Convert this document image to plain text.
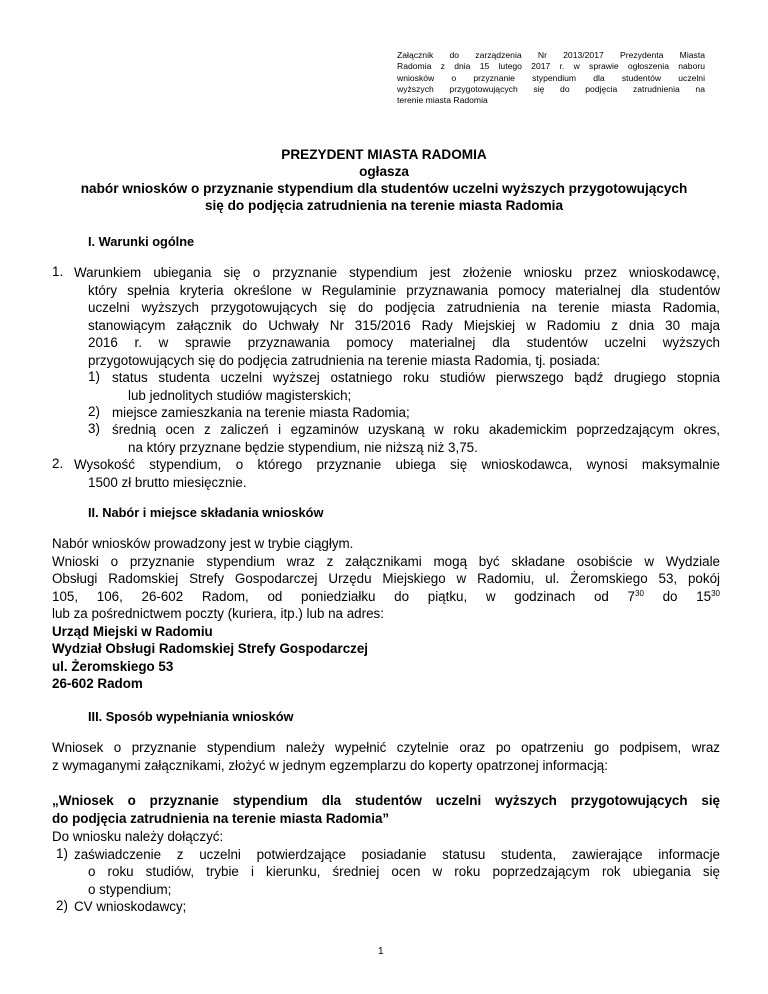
Załącznik do zarządzenia Nr 2013/2017 Prezydenta Miasta
Radomia z dnia 15 lutego 2017 r. w sprawie ogłoszenia naboru
wniosków o przyznanie stypendium dla studentów uczelni
wyższych przygotowujących się do podjęcia zatrudnienia na
terenie miasta Radomia
PREZYDENT MIASTA RADOMIA
ogłasza
nabór wniosków o przyznanie stypendium dla studentów uczelni wyższych przygotowujących
się do podjęcia zatrudnienia na terenie miasta Radomia
I. Warunki ogólne
1. Warunkiem ubiegania się o przyznanie stypendium jest złożenie wniosku przez wnioskodawcę,
który spełnia kryteria określone w Regulaminie przyznawania pomocy materialnej dla studentów
uczelni wyższych przygotowujących się do podjęcia zatrudnienia na terenie miasta Radomia,
stanowiącym załącznik do Uchwały Nr 315/2016 Rady Miejskiej w Radomiu z dnia 30 maja
2016 r. w sprawie przyznawania pomocy materialnej dla studentów uczelni wyższych
przygotowujących się do podjęcia zatrudnienia na terenie miasta Radomia, tj. posiada:
1) status studenta uczelni wyższej ostatniego roku studiów pierwszego bądź drugiego stopnia
lub jednolitych studiów magisterskich;
2) miejsce zamieszkania na terenie miasta Radomia;
3) średnią ocen z zaliczeń i egzaminów uzyskaną w roku akademickim poprzedzającym okres,
na który przyznane będzie stypendium, nie niższą niż 3,75.
2. Wysokość stypendium, o którego przyznanie ubiega się wnioskodawca, wynosi maksymalnie
1500 zł brutto miesięcznie.
II. Nabór i miejsce składania wniosków
Nabór wniosków prowadzony jest w trybie ciągłym.
Wnioski o przyznanie stypendium wraz z załącznikami mogą być składane osobiście w Wydziale
Obsługi Radomskiej Strefy Gospodarczej Urzędu Miejskiego w Radomiu, ul. Żeromskiego 53, pokój
105, 106, 26-602 Radom, od poniedziałku do piątku, w godzinach od $7^{30}$ do $15^{30}$
lub za pośrednictwem poczty (kuriera, itp.) lub na adres:
Urząd Miejski w Radomiu
Wydział Obsługi Radomskiej Strefy Gospodarczej
ul. Żeromskiego 53
26-602 Radom
III. Sposób wypełniania wniosków
Wniosek o przyznanie stypendium należy wypełnić czytelnie oraz po opatrzeniu go podpisem, wraz
z wymaganymi załącznikami, złożyć w jednym egzemplarzu do koperty opatrzonej informacją:
„Wniosek o przyznanie stypendium dla studentów uczelni wyższych przygotowujących się
do podjęcia zatrudnienia na terenie miasta Radomia”
Do wniosku należy dołączyć:
1) zaświadczenie z uczelni potwierdzające posiadanie statusu studenta, zawierające informacje
o roku studiów, trybie i kierunku, średniej ocen w roku poprzedzającym rok ubiegania się
o stypendium;
2) CV wnioskodawcy;
1
